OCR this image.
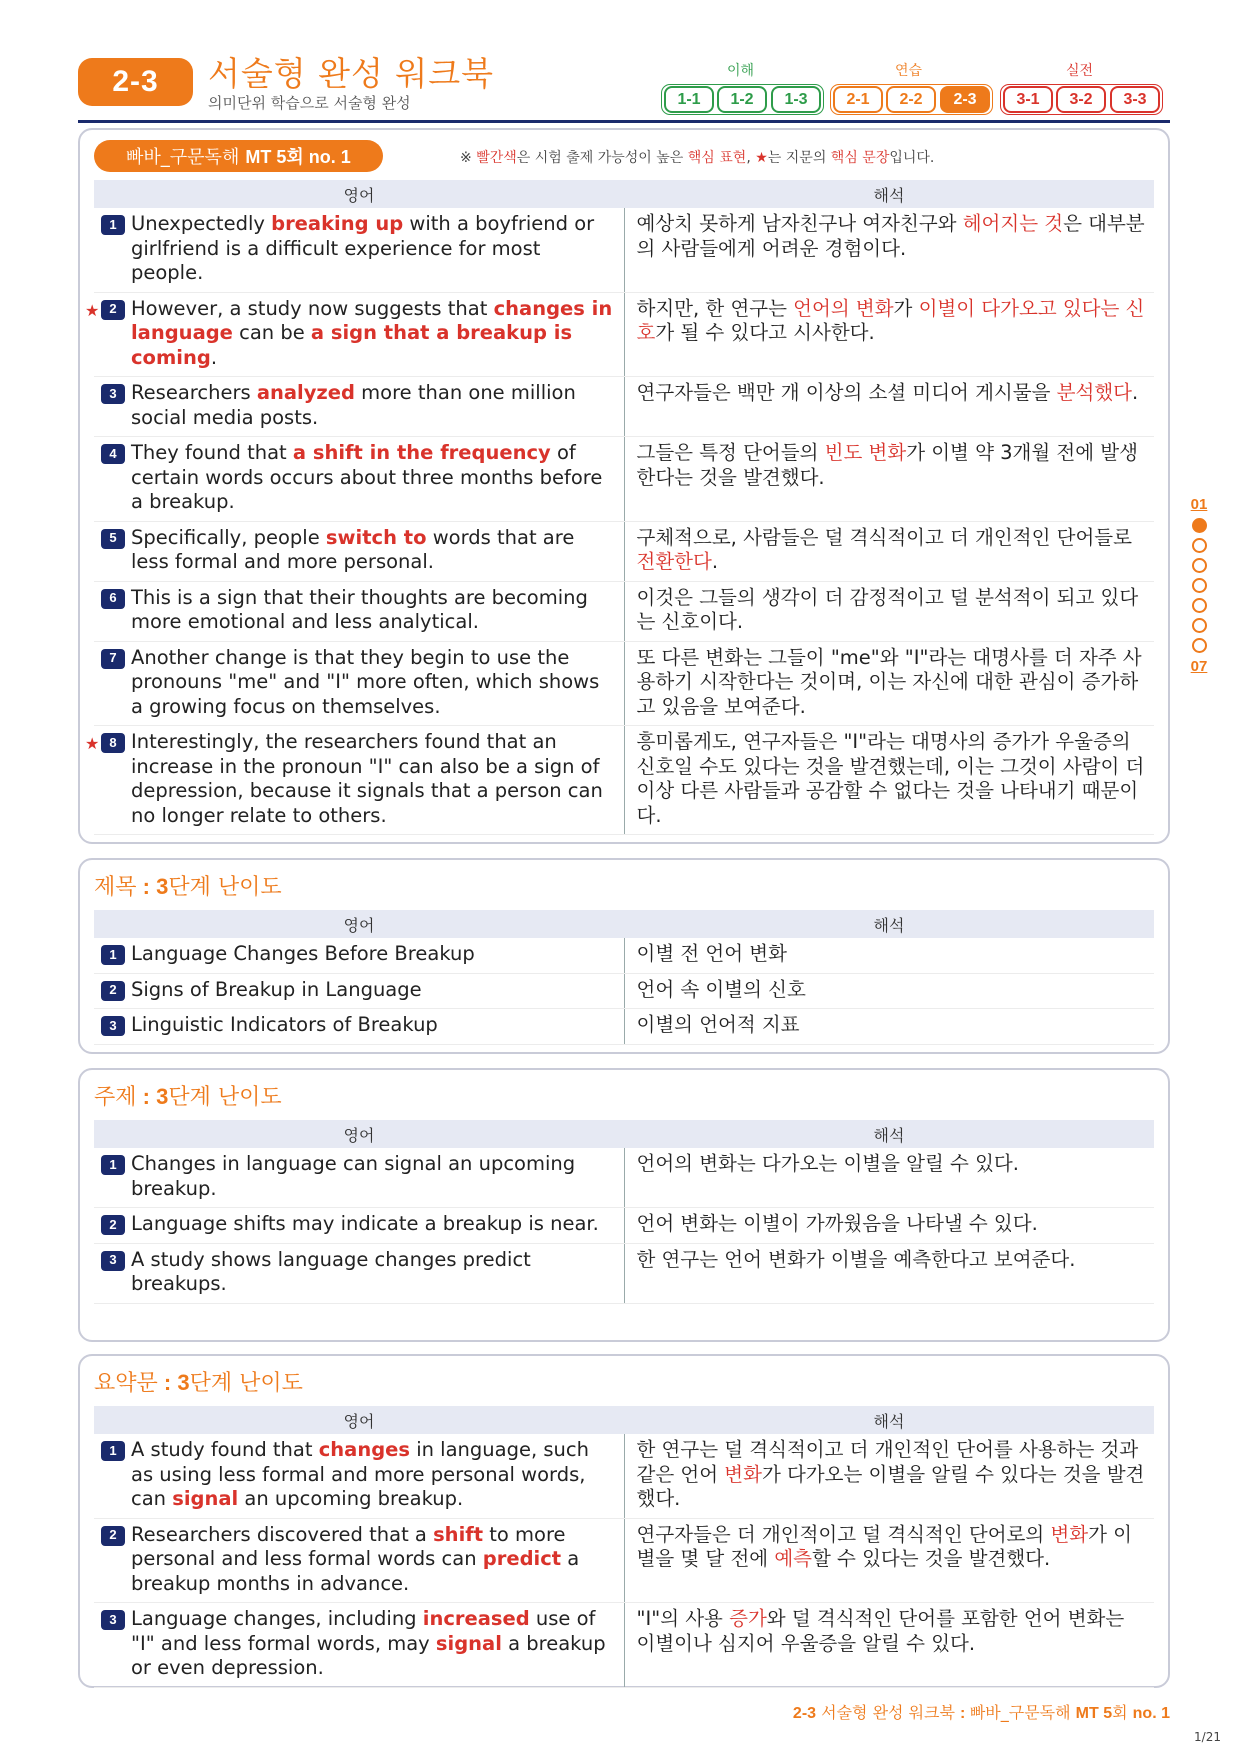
2-3	서술형 완성 워크북
의미단위 학습으로 서술형 완성
이해
1-1	1-2	1-3
연습
2-1	2-2	2-3
실전
3-1	3-2	3-3
빠바_구문독해 MT 5회 no. 1	※ 빨간색은 시험 출제 가능성이 높은 핵심 표현, ★는 지문의 핵심 문장입니다.
영어	해석

1 Unexpectedly breaking up with a boyfriend or girlfriend is a difficult experience for most people.	예상치 못하게 남자친구나 여자친구와 헤어지는 것은 대부분의 사람들에게 어려운 경험이다.

★ 2 However, a study now suggests that changes in language can be a sign that a breakup is coming.	하지만, 한 연구는 언어의 변화가 이별이 다가오고 있다는 신호가 될 수 있다고 시사한다.

3 Researchers analyzed more than one million social media posts.	연구자들은 백만 개 이상의 소셜 미디어 게시물을 분석했다.

4 They found that a shift in the frequency of certain words occurs about three months before a breakup.	그들은 특정 단어들의 빈도 변화가 이별 약 3개월 전에 발생한다는 것을 발견했다.

5 Specifically, people switch to words that are less formal and more personal.	구체적으로, 사람들은 덜 격식적이고 더 개인적인 단어들로 전환한다.

6 This is a sign that their thoughts are becoming more emotional and less analytical.	이것은 그들의 생각이 더 감정적이고 덜 분석적이 되고 있다는 신호이다.

7 Another change is that they begin to use the pronouns "me" and "I" more often, which shows a growing focus on themselves.	또 다른 변화는 그들이 "me"와 "I"라는 대명사를 더 자주 사용하기 시작한다는 것이며, 이는 자신에 대한 관심이 증가하고 있음을 보여준다.

★ 8 Interestingly, the researchers found that an increase in the pronoun "I" can also be a sign of depression, because it signals that a person can no longer relate to others.	흥미롭게도, 연구자들은 "I"라는 대명사의 증가가 우울증의 신호일 수도 있다는 것을 발견했는데, 이는 그것이 사람이 더 이상 다른 사람들과 공감할 수 없다는 것을 나타내기 때문이다.
제목 : 3단계 난이도
영어	해석

1 Language Changes Before Breakup	이별 전 언어 변화

2 Signs of Breakup in Language	언어 속 이별의 신호

3 Linguistic Indicators of Breakup	이별의 언어적 지표
주제 : 3단계 난이도
영어	해석

1 Changes in language can signal an upcoming breakup.	언어의 변화는 다가오는 이별을 알릴 수 있다.

2 Language shifts may indicate a breakup is near.	언어 변화는 이별이 가까웠음을 나타낼 수 있다.

3 A study shows language changes predict breakups.	한 연구는 언어 변화가 이별을 예측한다고 보여준다.
요약문 : 3단계 난이도
영어	해석

1 A study found that changes in language, such as using less formal and more personal words, can signal an upcoming breakup.	한 연구는 덜 격식적이고 더 개인적인 단어를 사용하는 것과 같은 언어 변화가 다가오는 이별을 알릴 수 있다는 것을 발견했다.

2 Researchers discovered that a shift to more personal and less formal words can predict a breakup months in advance.	연구자들은 더 개인적이고 덜 격식적인 단어로의 변화가 이별을 몇 달 전에 예측할 수 있다는 것을 발견했다.

3 Language changes, including increased use of "I" and less formal words, may signal a breakup or even depression.	"I"의 사용 증가와 덜 격식적인 단어를 포함한 언어 변화는 이별이나 심지어 우울증을 알릴 수 있다.
01
07
2-3 서술형 완성 워크북 : 빠바_구문독해 MT 5회 no. 1
1/21
